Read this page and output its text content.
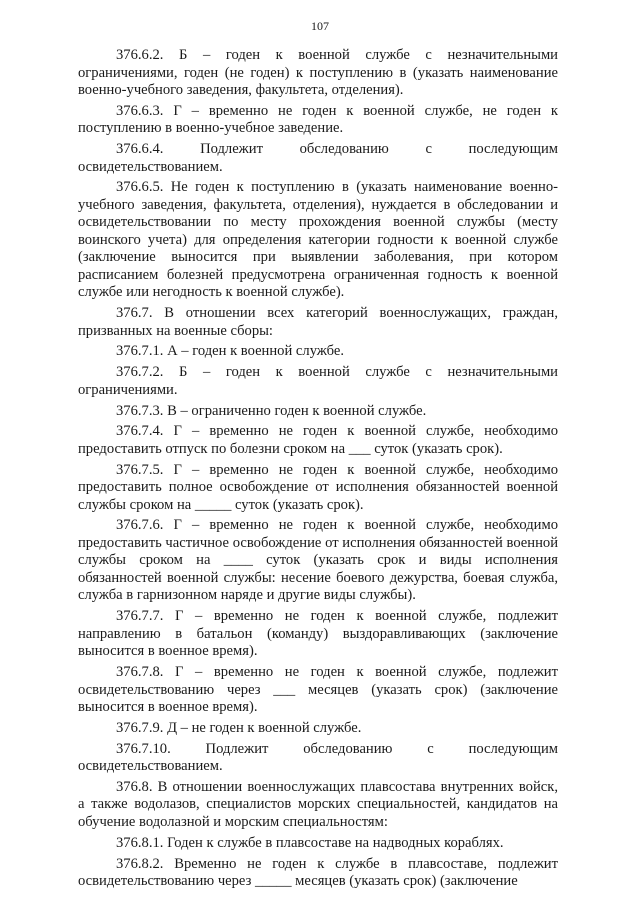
107

376.6.2. Б – годен к военной службе с незначительными ограничениями, годен (не годен) к поступлению в (указать наименование военно-учебного заведения, факультета, отделения).

376.6.3. Г – временно не годен к военной службе, не годен к поступлению в военно-учебное заведение.

376.6.4. Подлежит обследованию с последующим освидетельствованием.

376.6.5. Не годен к поступлению в (указать наименование военно-учебного заведения, факультета, отделения), нуждается в обследовании и освидетельствовании по месту прохождения военной службы (месту воинского учета) для определения категории годности к военной службе (заключение выносится при выявлении заболевания, при котором расписанием болезней предусмотрена ограниченная годность к военной службе или негодность к военной службе).

376.7. В отношении всех категорий военнослужащих, граждан, призванных на военные сборы:

376.7.1. А – годен к военной службе.

376.7.2. Б – годен к военной службе с незначительными ограничениями.

376.7.3. В – ограниченно годен к военной службе.

376.7.4. Г – временно не годен к военной службе, необходимо предоставить отпуск по болезни сроком на ___ суток (указать срок).

376.7.5. Г – временно не годен к военной службе, необходимо предоставить полное освобождение от исполнения обязанностей военной службы сроком на _____ суток (указать срок).

376.7.6. Г – временно не годен к военной службе, необходимо предоставить частичное освобождение от исполнения обязанностей военной службы сроком на ____ суток (указать срок и виды исполнения обязанностей военной службы: несение боевого дежурства, боевая служба, служба в гарнизонном наряде и другие виды службы).

376.7.7. Г – временно не годен к военной службе, подлежит направлению в батальон (команду) выздоравливающих (заключение выносится в военное время).

376.7.8. Г – временно не годен к военной службе, подлежит освидетельствованию через ___ месяцев (указать срок) (заключение выносится в военное время).

376.7.9. Д – не годен к военной службе.

376.7.10. Подлежит обследованию с последующим освидетельствованием.

376.8. В отношении военнослужащих плавсостава внутренних войск, а также водолазов, специалистов морских специальностей, кандидатов на обучение водолазной и морским специальностям:

376.8.1. Годен к службе в плавсоставе на надводных кораблях.

376.8.2. Временно не годен к службе в плавсоставе, подлежит освидетельствованию через _____ месяцев (указать срок) (заключение
